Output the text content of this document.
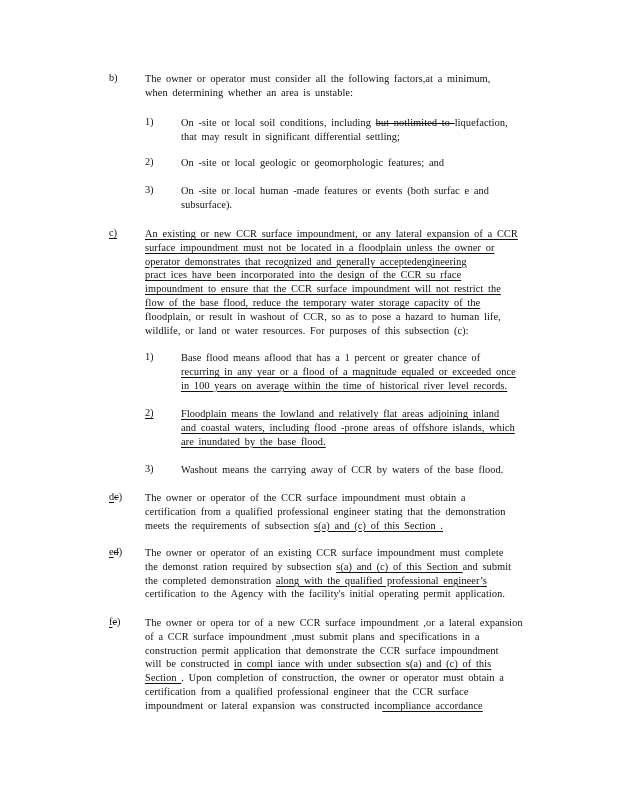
b)	The owner or operator must consider all the following factors,at a minimum,
when determining whether an area is unstable:
1)	On -site or local soil conditions, including but notlimited to liquefaction,
that may result in significant differential settling;
2)	On -site or local geologic or geomorphologic features; and
3)	On -site or local human -made features or events (both surfac e and
subsurface).
c)	An existing or new CCR surface impoundment, or any lateral expansion of a CCR
surface impoundment must not be located in a floodplain unless the owner or
operator demonstrates that recognized and generally acceptedengineering
pract ices have been incorporated into the design of the CCR su rface
impoundment to ensure that the CCR surface impoundment will not restrict the
flow of the base flood, reduce the temporary water storage capacity of the
floodplain, or result in washout of CCR, so as to pose a hazard to human life,
wildlife, or land or water resources. For purposes of this subsection (c):
1)	Base flood means aflood that has a 1 percent or greater chance of
recurring in any year or a flood of a magnitude equaled or exceeded once
in 100 years on average within the time of historical river level records.
2)	Floodplain means the lowland and relatively flat areas adjoining inland
and coastal waters, including flood -prone areas of offshore islands, which
are inundated by the base flood.
3)	Washout means the carrying away of CCR by waters of the base flood.
dc) The owner or operator of the CCR surface impoundment must obtain a
certification from a qualified professional engineer stating that the demonstration
meets the requirements of subsection s(a) and (c) of this Section .
ed) The owner or operator of an existing CCR surface impoundment must complete
the demonst ration required by subsection s(a) and (c) of this Section and submit
the completed demonstration along with the qualified professional engineer’s
certification to the Agency with the facility's initial operating permit application.
fe) The owner or opera tor of a new CCR surface impoundment ,or a lateral expansion
of a CCR surface impoundment ,must submit plans and specifications in a
construction permit application that demonstrate the CCR surface impoundment
will be constructed in compl iance with under subsection s(a) and (c) of this
Section . Upon completion of construction, the owner or operator must obtain a
certification from a qualified professional engineer that the CCR surface
impoundment or lateral expansion was constructed incompliance accordance
